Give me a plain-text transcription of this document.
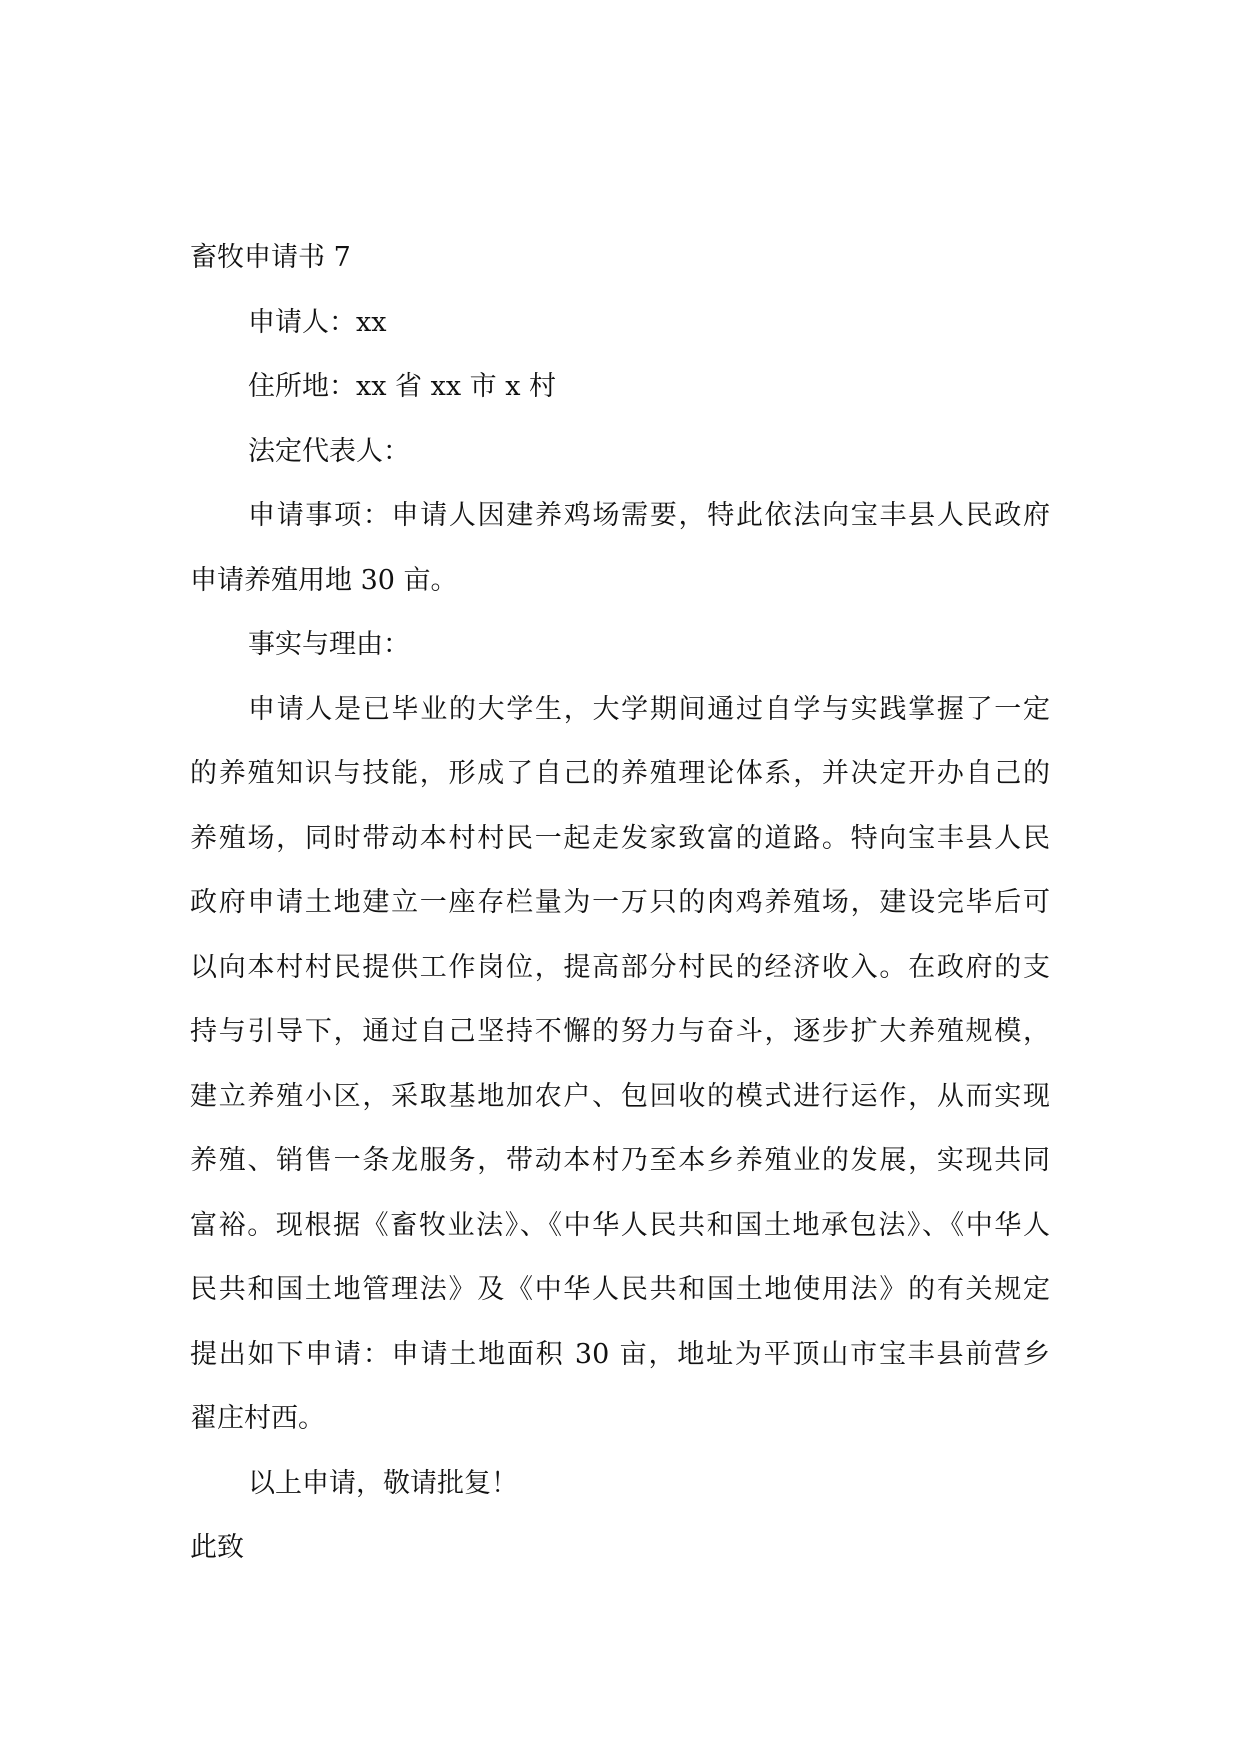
畜牧申请书 7
申请人：xx
住所地：xx 省 xx 市 x 村
法定代表人：
申请事项：申请人因建养鸡场需要，特此依法向宝丰县人民政府
申请养殖用地 30 亩。
事实与理由：
申请人是已毕业的大学生，大学期间通过自学与实践掌握了一定
的养殖知识与技能，形成了自己的养殖理论体系，并决定开办自己的
养殖场，同时带动本村村民一起走发家致富的道路。特向宝丰县人民
政府申请土地建立一座存栏量为一万只的肉鸡养殖场，建设完毕后可
以向本村村民提供工作岗位，提高部分村民的经济收入。在政府的支
持与引导下，通过自己坚持不懈的努力与奋斗，逐步扩大养殖规模，
建立养殖小区，采取基地加农户、包回收的模式进行运作，从而实现
养殖、销售一条龙服务，带动本村乃至本乡养殖业的发展，实现共同
富裕。现根据《畜牧业法》、《中华人民共和国土地承包法》、《中华人
民共和国土地管理法》及《中华人民共和国土地使用法》的有关规定
提出如下申请：申请土地面积 30 亩，地址为平顶山市宝丰县前营乡
翟庄村西。
以上申请，敬请批复！
此致
